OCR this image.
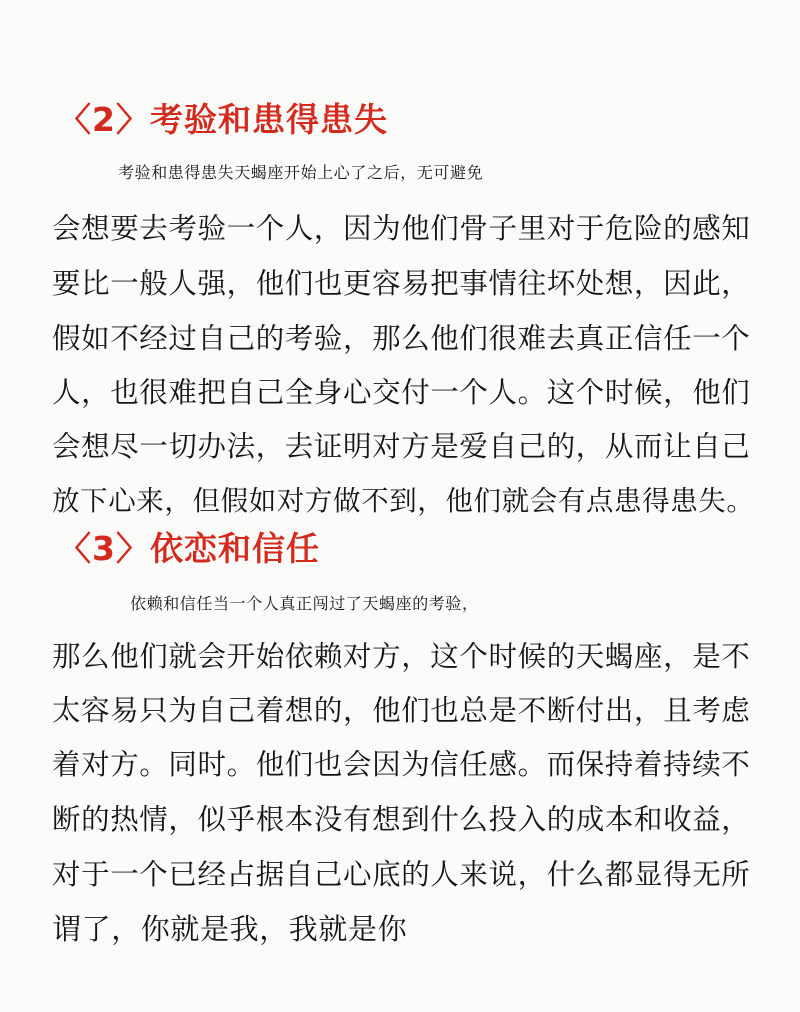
〈2〉考验和患得患失
考验和患得患失天蝎座开始上心了之后，无可避免
会想要去考验一个人，因为他们骨子里对于危险的感知
要比一般人强，他们也更容易把事情往坏处想，因此，
假如不经过自己的考验，那么他们很难去真正信任一个
人，也很难把自己全身心交付一个人。这个时候，他们
会想尽一切办法，去证明对方是爱自己的，从而让自己
放下心来，但假如对方做不到，他们就会有点患得患失。
〈3〉依恋和信任
依赖和信任当一个人真正闯过了天蝎座的考验，
那么他们就会开始依赖对方，这个时候的天蝎座，是不
太容易只为自己着想的，他们也总是不断付出，且考虑
着对方。同时。他们也会因为信任感。而保持着持续不
断的热情，似乎根本没有想到什么投入的成本和收益，
对于一个已经占据自己心底的人来说，什么都显得无所
谓了，你就是我，我就是你
